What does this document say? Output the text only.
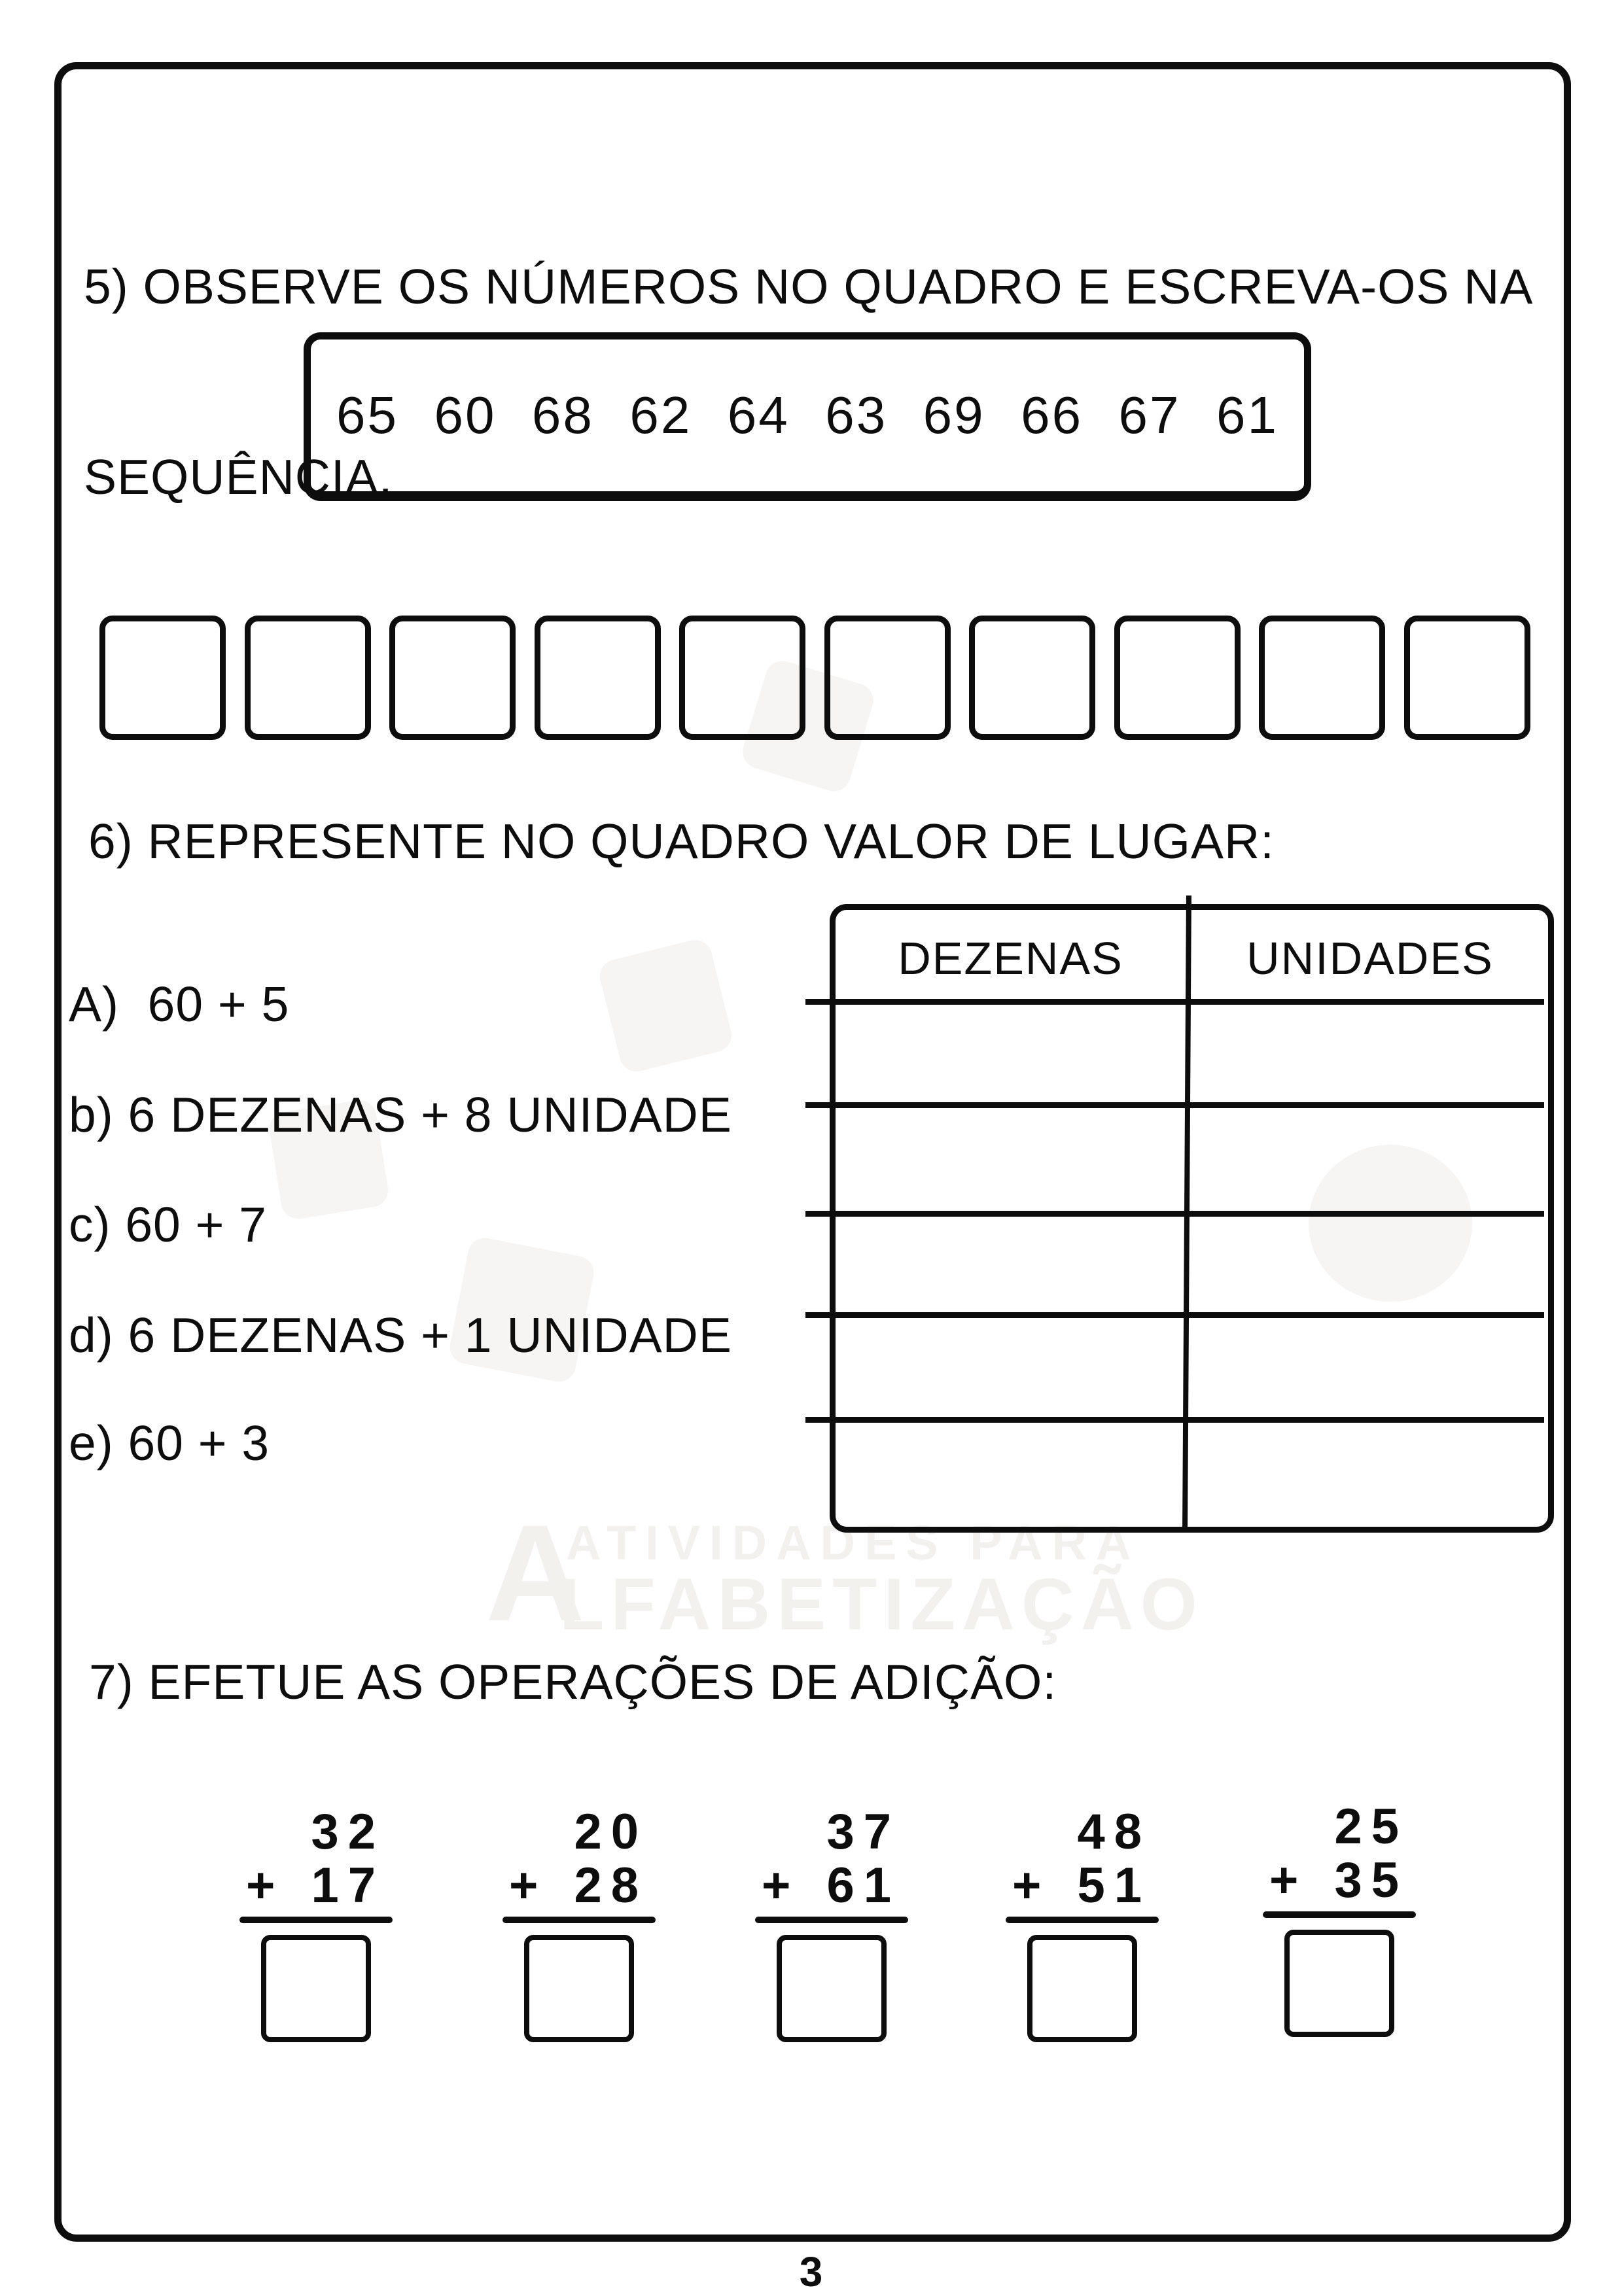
A
ATIVIDADES PARA
LFABETIZAÇÃO

5) OBSERVE OS NÚMEROS NO QUADRO E ESCREVA-OS NA

SEQUÊNCIA.

65  60  68  62  64  63  69  66  67  61
6) REPRESENTE NO QUADRO VALOR DE LUGAR:
A)  60 + 5
b) 6 DEZENAS + 8 UNIDADE
c) 60 + 7
d) 6 DEZENAS + 1 UNIDADE
e) 60 + 3
DEZENAS	UNIDADES
7) EFETUE AS OPERAÇÕES DE ADIÇÃO:
32
+ 17
20
+ 28
37
+ 61
48
+ 51
25
+ 35
3
